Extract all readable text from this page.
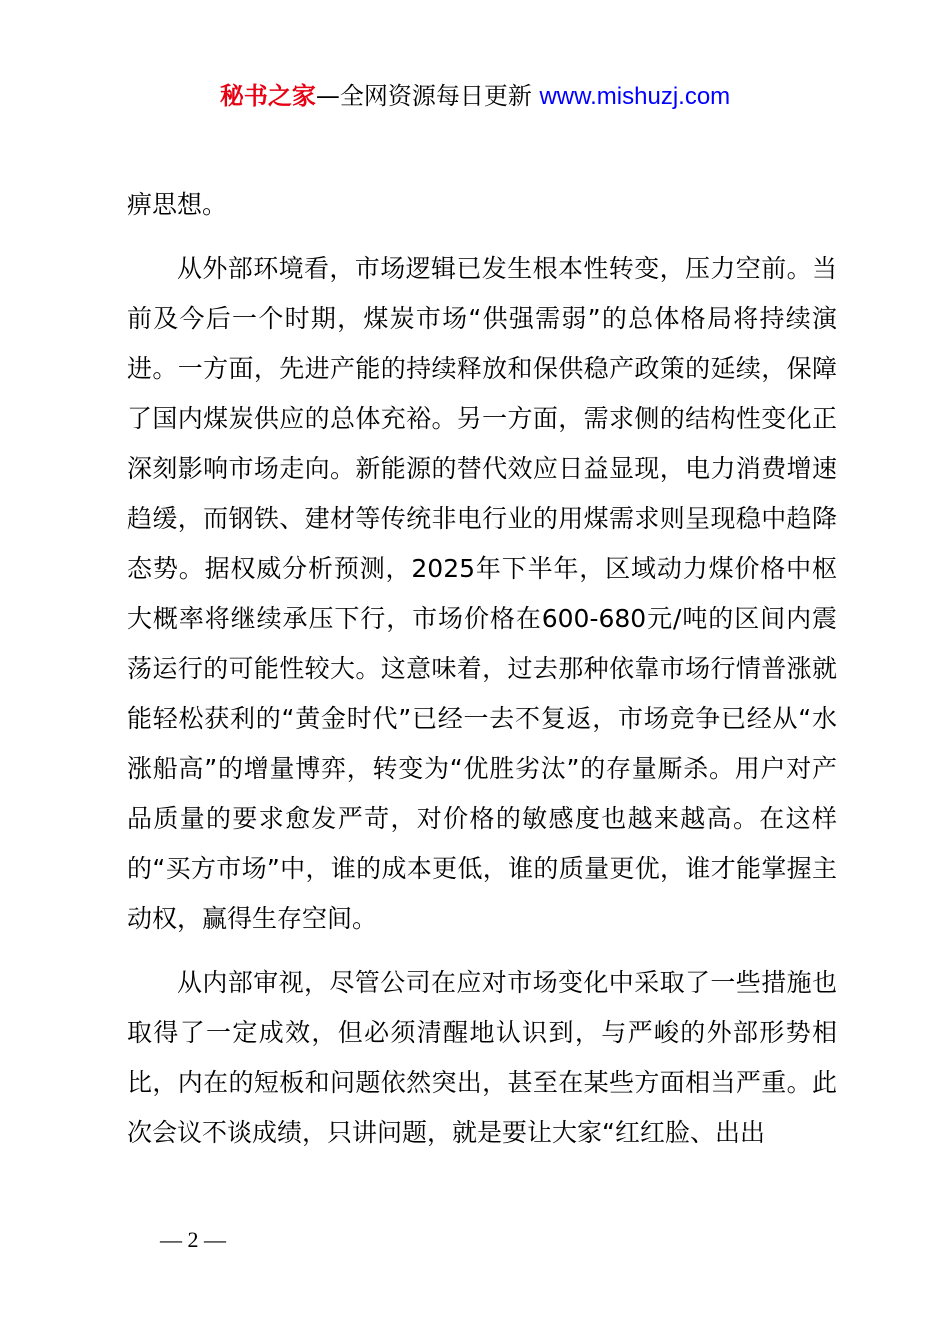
秘书之家—全网资源每日更新 www.mishuzj.com

痹思想。

从外部环境看，市场逻辑已发生根本性转变，压力空前。当前及今后一个时期，煤炭市场“供强需弱”的总体格局将持续演进。一方面，先进产能的持续释放和保供稳产政策的延续，保障了国内煤炭供应的总体充裕。另一方面，需求侧的结构性变化正深刻影响市场走向。新能源的替代效应日益显现，电力消费增速趋缓，而钢铁、建材等传统非电行业的用煤需求则呈现稳中趋降态势。据权威分析预测，2025年下半年，区域动力煤价格中枢大概率将继续承压下行，市场价格在600-680元/吨的区间内震荡运行的可能性较大。这意味着，过去那种依靠市场行情普涨就能轻松获利的“黄金时代”已经一去不复返，市场竞争已经从“水涨船高”的增量博弈，转变为“优胜劣汰”的存量厮杀。用户对产品质量的要求愈发严苛，对价格的敏感度也越来越高。在这样的“买方市场”中，谁的成本更低，谁的质量更优，谁才能掌握主动权，赢得生存空间。

从内部审视，尽管公司在应对市场变化中采取了一些措施也取得了一定成效，但必须清醒地认识到，与严峻的外部形势相比，内在的短板和问题依然突出，甚至在某些方面相当严重。此次会议不谈成绩，只讲问题，就是要让大家“红红脸、出出

— 2 —
